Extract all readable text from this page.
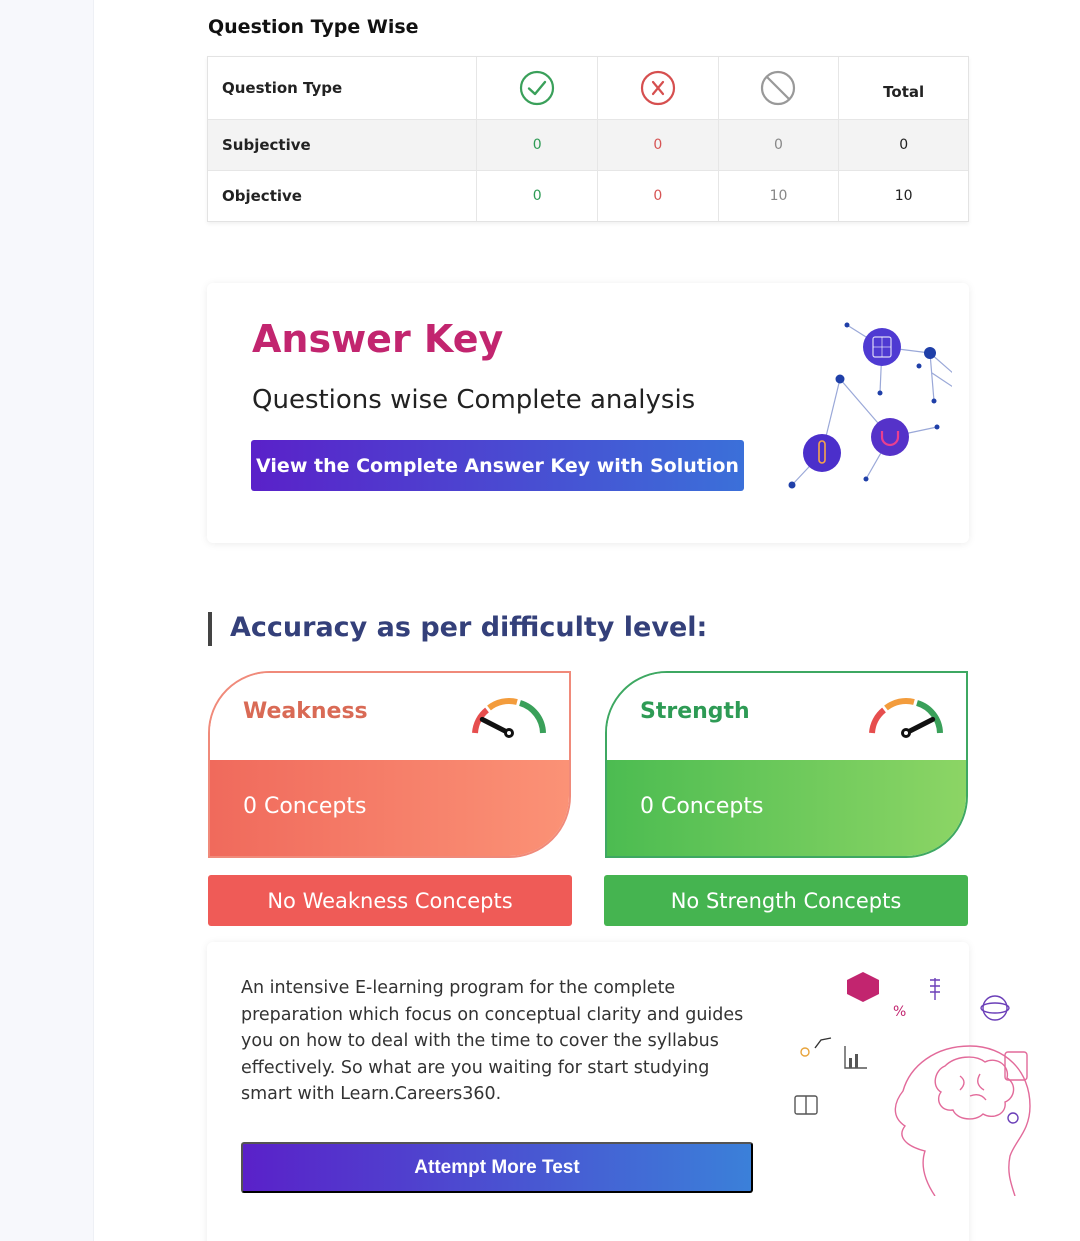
Question Type Wise
Question Type	Total
Subjective	0	0	0	0
Objective	0	0	10	10
Answer Key
Questions wise Complete analysis
View the Complete Answer Key with Solution
Accuracy as per difficulty level:
Weakness
0 Concepts
Strength
0 Concepts
No Weakness Concepts	No Strength Concepts
An intensive E-learning program for the complete preparation which focus on conceptual clarity and guides you on how to deal with the time to cover the syllabus effectively. So what are you waiting for start studying smart with Learn.Careers360.
Attempt More Test
%
